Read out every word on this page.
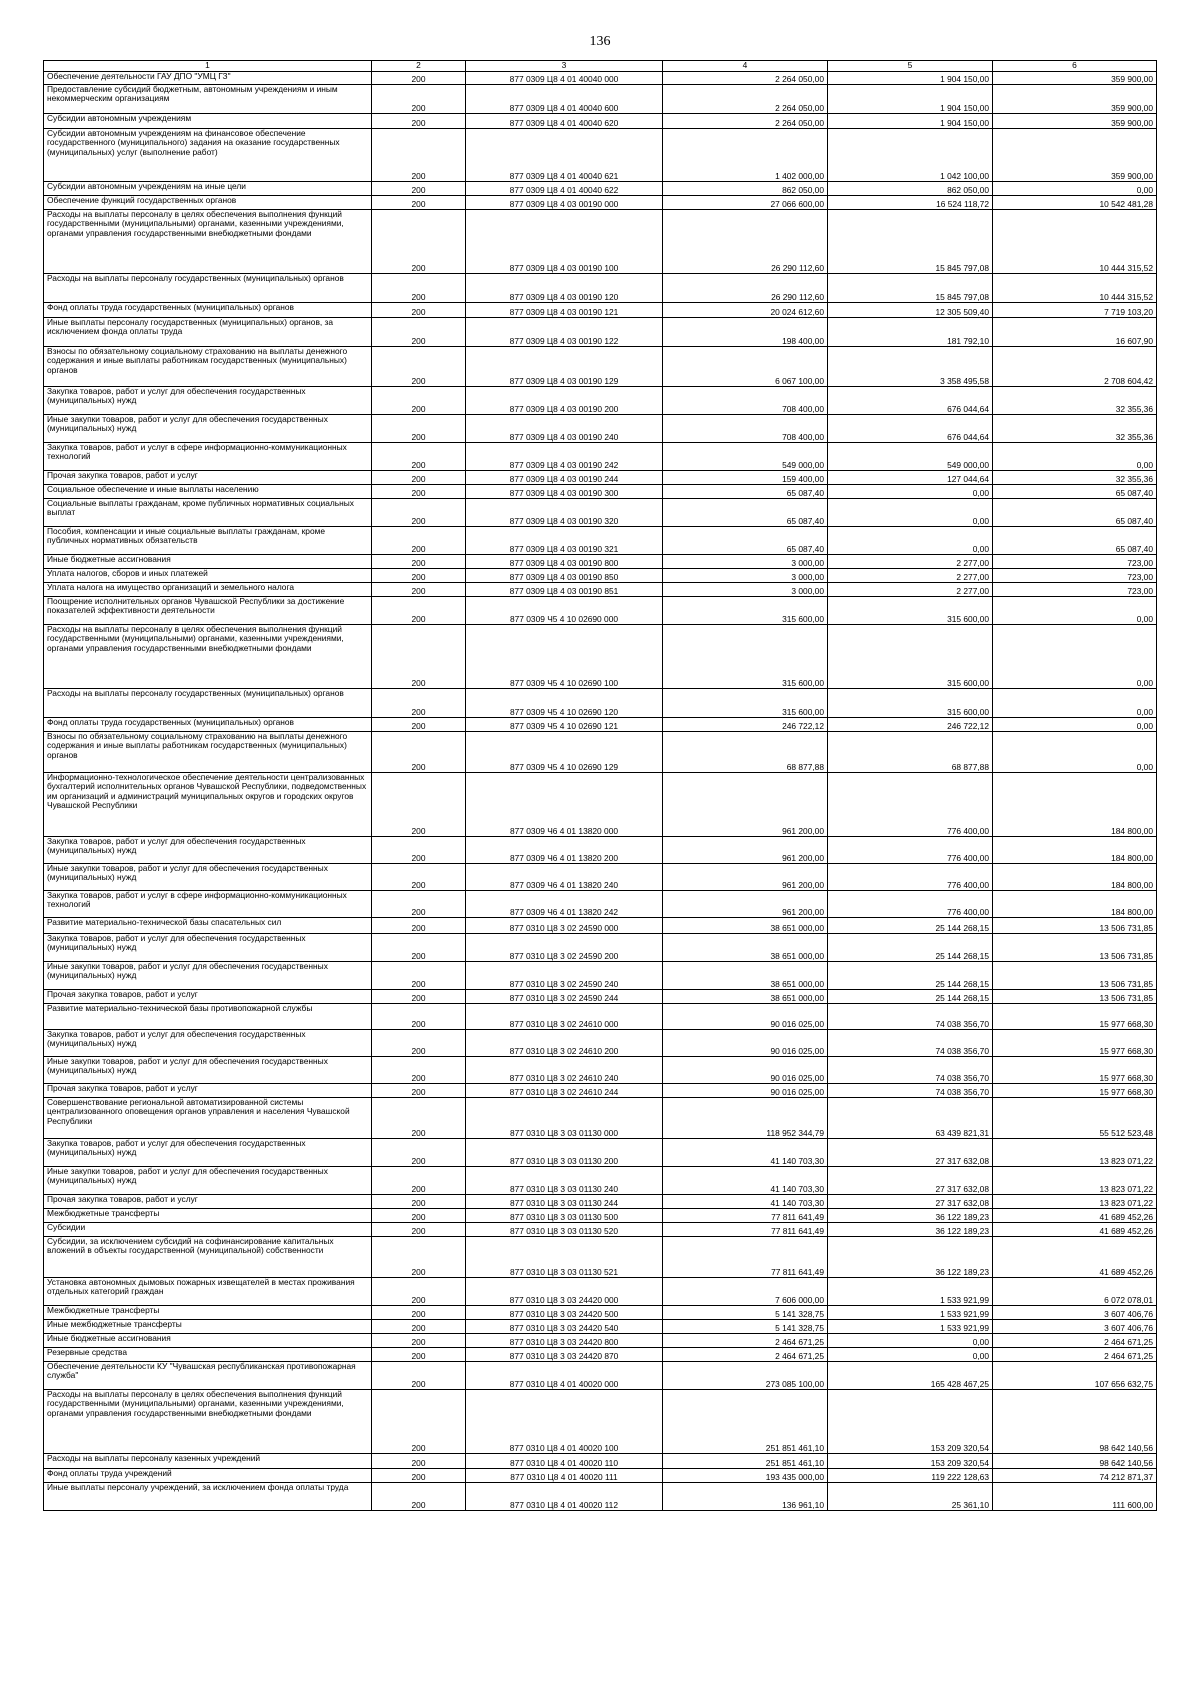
136
1	2	3	4	5	6
Обеспечение деятельности ГАУ ДПО "УМЦ ГЗ"	200	877 0309 Ц8 4 01 40040 000	2 264 050,00	1 904 150,00	359 900,00
Предоставление субсидий бюджетным, автономным учреждениям и иным некоммерческим организациям	200	877 0309 Ц8 4 01 40040 600	2 264 050,00	1 904 150,00	359 900,00
Субсидии автономным учреждениям	200	877 0309 Ц8 4 01 40040 620	2 264 050,00	1 904 150,00	359 900,00
Субсидии автономным учреждениям на финансовое обеспечение государственного (муниципального) задания на оказание государственных (муниципальных) услуг (выполнение работ)	200	877 0309 Ц8 4 01 40040 621	1 402 000,00	1 042 100,00	359 900,00
Субсидии автономным учреждениям на иные цели	200	877 0309 Ц8 4 01 40040 622	862 050,00	862 050,00	0,00
Обеспечение функций государственных органов	200	877 0309 Ц8 4 03 00190 000	27 066 600,00	16 524 118,72	10 542 481,28
Расходы на выплаты персоналу в целях обеспечения выполнения функций государственными (муниципальными) органами, казенными учреждениями, органами управления государственными внебюджетными фондами	200	877 0309 Ц8 4 03 00190 100	26 290 112,60	15 845 797,08	10 444 315,52
Расходы на выплаты персоналу государственных (муниципальных) органов	200	877 0309 Ц8 4 03 00190 120	26 290 112,60	15 845 797,08	10 444 315,52
Фонд оплаты труда государственных (муниципальных) органов	200	877 0309 Ц8 4 03 00190 121	20 024 612,60	12 305 509,40	7 719 103,20
Иные выплаты персоналу государственных (муниципальных) органов, за исключением фонда оплаты труда	200	877 0309 Ц8 4 03 00190 122	198 400,00	181 792,10	16 607,90
Взносы по обязательному социальному страхованию на выплаты денежного содержания и иные выплаты работникам государственных (муниципальных) органов	200	877 0309 Ц8 4 03 00190 129	6 067 100,00	3 358 495,58	2 708 604,42
Закупка товаров, работ и услуг для обеспечения государственных (муниципальных) нужд	200	877 0309 Ц8 4 03 00190 200	708 400,00	676 044,64	32 355,36
Иные закупки товаров, работ и услуг для обеспечения государственных (муниципальных) нужд	200	877 0309 Ц8 4 03 00190 240	708 400,00	676 044,64	32 355,36
Закупка товаров, работ и услуг в сфере информационно-коммуникационных технологий	200	877 0309 Ц8 4 03 00190 242	549 000,00	549 000,00	0,00
Прочая закупка товаров, работ и услуг	200	877 0309 Ц8 4 03 00190 244	159 400,00	127 044,64	32 355,36
Социальное обеспечение и иные выплаты населению	200	877 0309 Ц8 4 03 00190 300	65 087,40	0,00	65 087,40
Социальные выплаты гражданам, кроме публичных нормативных социальных выплат	200	877 0309 Ц8 4 03 00190 320	65 087,40	0,00	65 087,40
Пособия, компенсации и иные социальные выплаты гражданам, кроме публичных нормативных обязательств	200	877 0309 Ц8 4 03 00190 321	65 087,40	0,00	65 087,40
Иные бюджетные ассигнования	200	877 0309 Ц8 4 03 00190 800	3 000,00	2 277,00	723,00
Уплата налогов, сборов и иных платежей	200	877 0309 Ц8 4 03 00190 850	3 000,00	2 277,00	723,00
Уплата налога на имущество организаций и земельного налога	200	877 0309 Ц8 4 03 00190 851	3 000,00	2 277,00	723,00
Поощрение исполнительных органов Чувашской Республики за достижение показателей эффективности деятельности	200	877 0309 Ч5 4 10 02690 000	315 600,00	315 600,00	0,00
Расходы на выплаты персоналу в целях обеспечения выполнения функций государственными (муниципальными) органами, казенными учреждениями, органами управления государственными внебюджетными фондами	200	877 0309 Ч5 4 10 02690 100	315 600,00	315 600,00	0,00
Расходы на выплаты персоналу государственных (муниципальных) органов	200	877 0309 Ч5 4 10 02690 120	315 600,00	315 600,00	0,00
Фонд оплаты труда государственных (муниципальных) органов	200	877 0309 Ч5 4 10 02690 121	246 722,12	246 722,12	0,00
Взносы по обязательному социальному страхованию на выплаты денежного содержания и иные выплаты работникам государственных (муниципальных) органов	200	877 0309 Ч5 4 10 02690 129	68 877,88	68 877,88	0,00
Информационно-технологическое обеспечение деятельности централизованных бухгалтерий исполнительных органов Чувашской Республики, подведомственных им организаций и администраций муниципальных округов и городских округов Чувашской Республики	200	877 0309 Ч6 4 01 13820 000	961 200,00	776 400,00	184 800,00
Закупка товаров, работ и услуг для обеспечения государственных (муниципальных) нужд	200	877 0309 Ч6 4 01 13820 200	961 200,00	776 400,00	184 800,00
Иные закупки товаров, работ и услуг для обеспечения государственных (муниципальных) нужд	200	877 0309 Ч6 4 01 13820 240	961 200,00	776 400,00	184 800,00
Закупка товаров, работ и услуг в сфере информационно-коммуникационных технологий	200	877 0309 Ч6 4 01 13820 242	961 200,00	776 400,00	184 800,00
Развитие материально-технической базы спасательных сил	200	877 0310 Ц8 3 02 24590 000	38 651 000,00	25 144 268,15	13 506 731,85
Закупка товаров, работ и услуг для обеспечения государственных (муниципальных) нужд	200	877 0310 Ц8 3 02 24590 200	38 651 000,00	25 144 268,15	13 506 731,85
Иные закупки товаров, работ и услуг для обеспечения государственных (муниципальных) нужд	200	877 0310 Ц8 3 02 24590 240	38 651 000,00	25 144 268,15	13 506 731,85
Прочая закупка товаров, работ и услуг	200	877 0310 Ц8 3 02 24590 244	38 651 000,00	25 144 268,15	13 506 731,85
Развитие материально-технической базы противопожарной службы	200	877 0310 Ц8 3 02 24610 000	90 016 025,00	74 038 356,70	15 977 668,30
Закупка товаров, работ и услуг для обеспечения государственных (муниципальных) нужд	200	877 0310 Ц8 3 02 24610 200	90 016 025,00	74 038 356,70	15 977 668,30
Иные закупки товаров, работ и услуг для обеспечения государственных (муниципальных) нужд	200	877 0310 Ц8 3 02 24610 240	90 016 025,00	74 038 356,70	15 977 668,30
Прочая закупка товаров, работ и услуг	200	877 0310 Ц8 3 02 24610 244	90 016 025,00	74 038 356,70	15 977 668,30
Совершенствование региональной автоматизированной системы централизованного оповещения органов управления и населения Чувашской Республики	200	877 0310 Ц8 3 03 01130 000	118 952 344,79	63 439 821,31	55 512 523,48
Закупка товаров, работ и услуг для обеспечения государственных (муниципальных) нужд	200	877 0310 Ц8 3 03 01130 200	41 140 703,30	27 317 632,08	13 823 071,22
Иные закупки товаров, работ и услуг для обеспечения государственных (муниципальных) нужд	200	877 0310 Ц8 3 03 01130 240	41 140 703,30	27 317 632,08	13 823 071,22
Прочая закупка товаров, работ и услуг	200	877 0310 Ц8 3 03 01130 244	41 140 703,30	27 317 632,08	13 823 071,22
Межбюджетные трансферты	200	877 0310 Ц8 3 03 01130 500	77 811 641,49	36 122 189,23	41 689 452,26
Субсидии	200	877 0310 Ц8 3 03 01130 520	77 811 641,49	36 122 189,23	41 689 452,26
Субсидии, за исключением субсидий на софинансирование капитальных вложений в объекты государственной (муниципальной) собственности	200	877 0310 Ц8 3 03 01130 521	77 811 641,49	36 122 189,23	41 689 452,26
Установка автономных дымовых пожарных извещателей в местах проживания отдельных категорий граждан	200	877 0310 Ц8 3 03 24420 000	7 606 000,00	1 533 921,99	6 072 078,01
Межбюджетные трансферты	200	877 0310 Ц8 3 03 24420 500	5 141 328,75	1 533 921,99	3 607 406,76
Иные межбюджетные трансферты	200	877 0310 Ц8 3 03 24420 540	5 141 328,75	1 533 921,99	3 607 406,76
Иные бюджетные ассигнования	200	877 0310 Ц8 3 03 24420 800	2 464 671,25	0,00	2 464 671,25
Резервные средства	200	877 0310 Ц8 3 03 24420 870	2 464 671,25	0,00	2 464 671,25
Обеспечение деятельности КУ "Чувашская республиканская противопожарная служба"	200	877 0310 Ц8 4 01 40020 000	273 085 100,00	165 428 467,25	107 656 632,75
Расходы на выплаты персоналу в целях обеспечения выполнения функций государственными (муниципальными) органами, казенными учреждениями, органами управления государственными внебюджетными фондами	200	877 0310 Ц8 4 01 40020 100	251 851 461,10	153 209 320,54	98 642 140,56
Расходы на выплаты персоналу казенных учреждений	200	877 0310 Ц8 4 01 40020 110	251 851 461,10	153 209 320,54	98 642 140,56
Фонд оплаты труда учреждений	200	877 0310 Ц8 4 01 40020 111	193 435 000,00	119 222 128,63	74 212 871,37
Иные выплаты персоналу учреждений, за исключением фонда оплаты труда	200	877 0310 Ц8 4 01 40020 112	136 961,10	25 361,10	111 600,00
